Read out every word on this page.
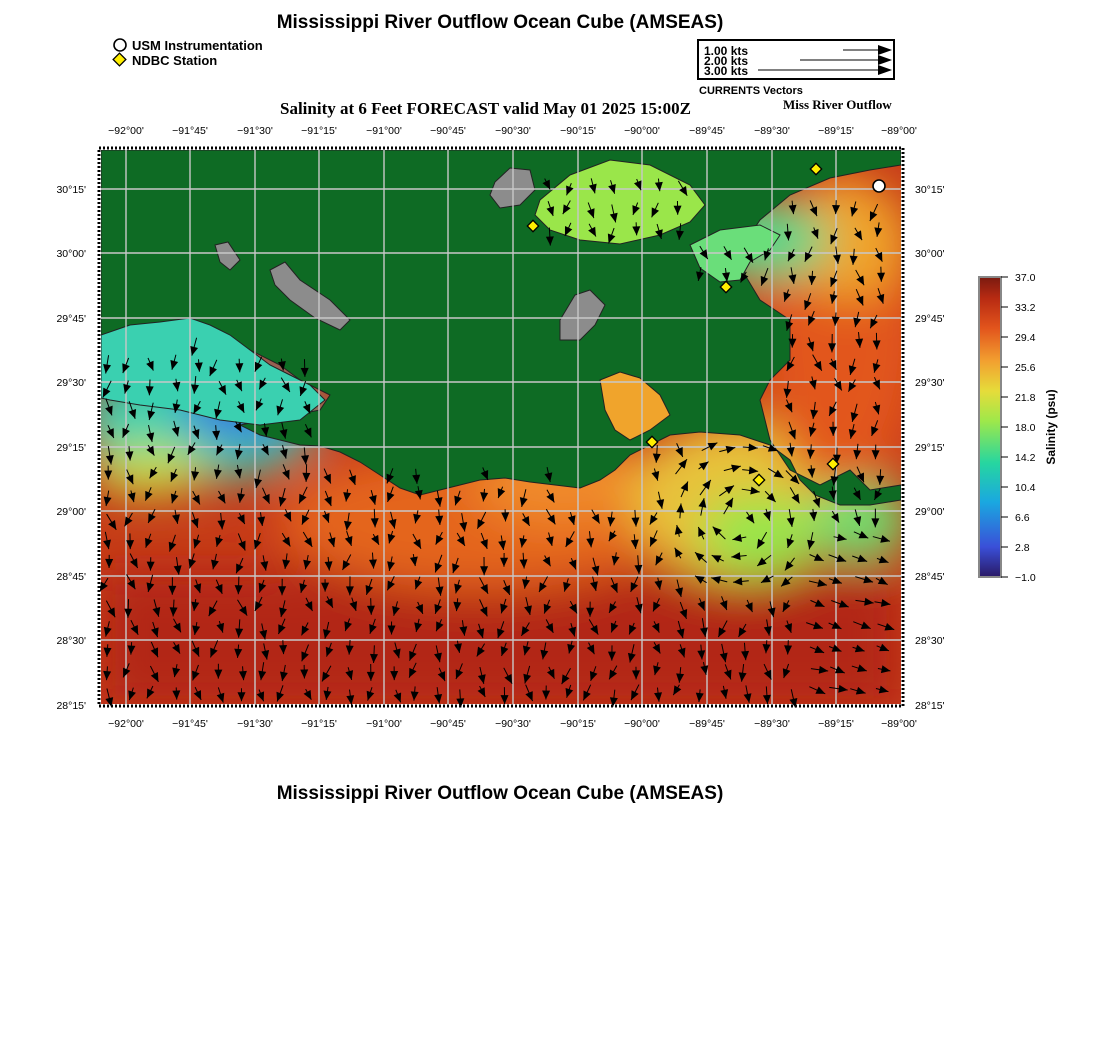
Mississippi River Outflow Ocean Cube (AMSEAS)
USM Instrumentation
NDBC Station
1.00 kts
2.00 kts
3.00 kts
CURRENTS Vectors
Salinity at 6 Feet FORECAST valid May 01 2025 15:00Z	Miss River Outflow
−92°00'	−91°45'	−91°30'	−91°15'	−91°00'	−90°45'	−90°30'	−90°15'	−90°00'	−89°45'	−89°30'	−89°15'	−89°00'
−92°00'	−91°45'	−91°30'	−91°15'	−91°00'	−90°45'	−90°30'	−90°15'	−90°00'	−89°45'	−89°30'	−89°15'	−89°00'
30°15'
30°00'
29°45'
29°30'
29°15'
29°00'
28°45'
28°30'
28°15'
30°15'
30°00'
29°45'
29°30'
29°15'
29°00'
28°45'
28°30'
28°15'
37.0
33.2
29.4
25.6
21.8
18.0
14.2
10.4
6.6
2.8
−1.0
Salinity (psu)
Mississippi River Outflow Ocean Cube (AMSEAS)
